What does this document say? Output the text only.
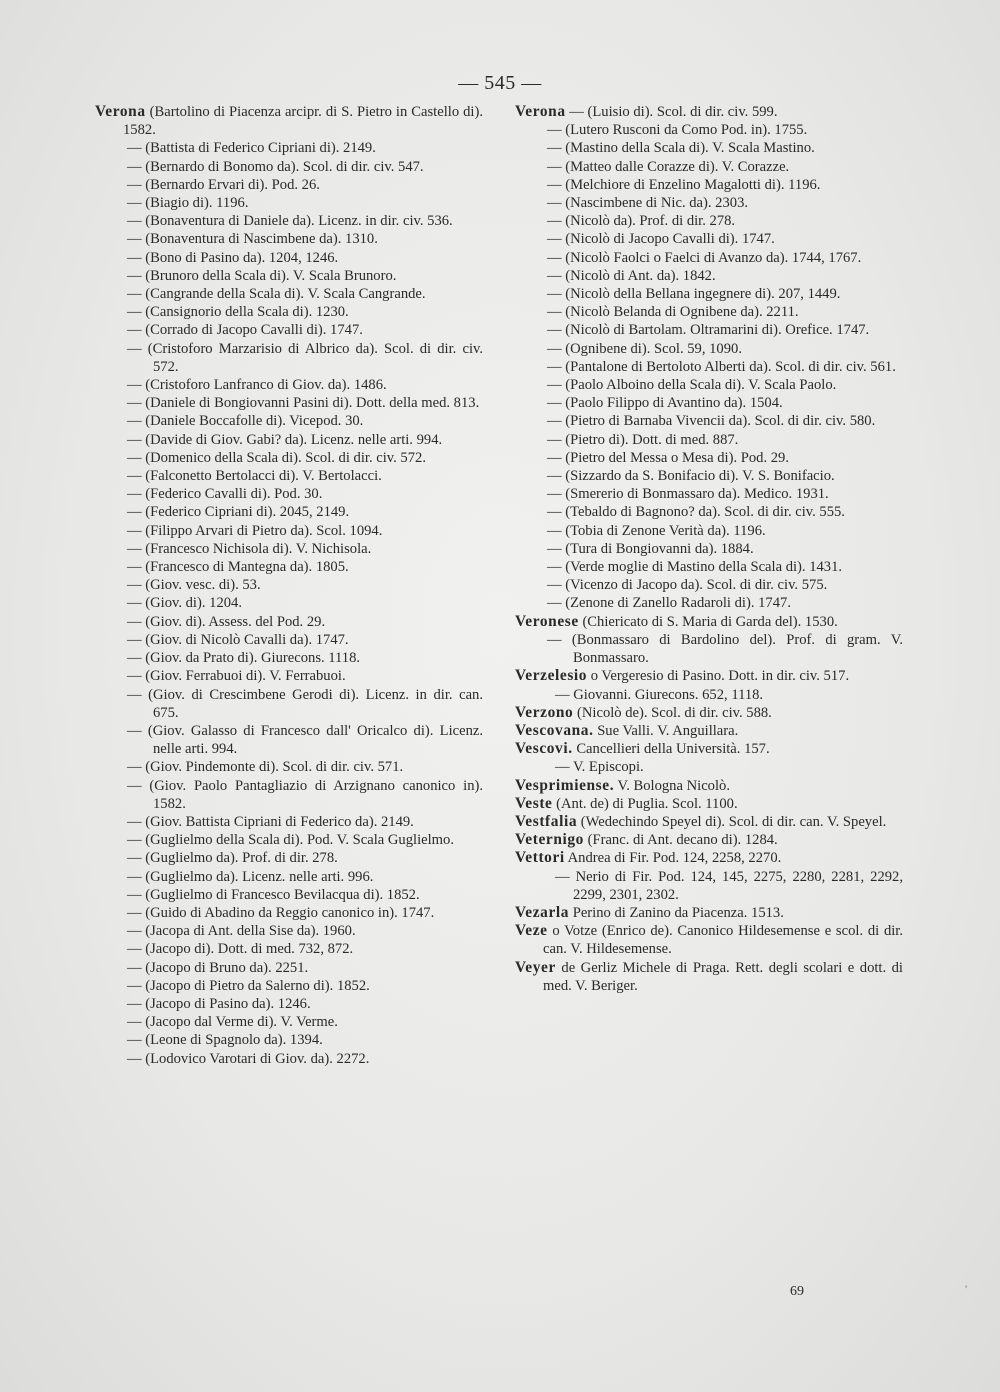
— 545 —

Verona (Bartolino di Piacenza arcipr. di S. Pietro in Castello di). 1582.

— (Battista di Federico Cipriani di). 2149.

— (Bernardo di Bonomo da). Scol. di dir. civ. 547.

— (Bernardo Ervari di). Pod. 26.

— (Biagio di). 1196.

— (Bonaventura di Daniele da). Licenz. in dir. civ. 536.

— (Bonaventura di Nascimbene da). 1310.

— (Bono di Pasino da). 1204, 1246.

— (Brunoro della Scala di). V. Scala Brunoro.

— (Cangrande della Scala di). V. Scala Cangrande.

— (Cansignorio della Scala di). 1230.

— (Corrado di Jacopo Cavalli di). 1747.

— (Cristoforo Marzarisio di Albrico da). Scol. di dir. civ. 572.

— (Cristoforo Lanfranco di Giov. da). 1486.

— (Daniele di Bongiovanni Pasini di). Dott. della med. 813.

— (Daniele Boccafolle di). Vicepod. 30.

— (Davide di Giov. Gabi? da). Licenz. nelle arti. 994.

— (Domenico della Scala di). Scol. di dir. civ. 572.

— (Falconetto Bertolacci di). V. Bertolacci.

— (Federico Cavalli di). Pod. 30.

— (Federico Cipriani di). 2045, 2149.

— (Filippo Arvari di Pietro da). Scol. 1094.

— (Francesco Nichisola di). V. Nichisola.

— (Francesco di Mantegna da). 1805.

— (Giov. vesc. di). 53.

— (Giov. di). 1204.

— (Giov. di). Assess. del Pod. 29.

— (Giov. di Nicolò Cavalli da). 1747.

— (Giov. da Prato di). Giurecons. 1118.

— (Giov. Ferrabuoi di). V. Ferrabuoi.

— (Giov. di Crescimbene Gerodi di). Licenz. in dir. can. 675.

— (Giov. Galasso di Francesco dall' Oricalco di). Licenz. nelle arti. 994.

— (Giov. Pindemonte di). Scol. di dir. civ. 571.

— (Giov. Paolo Pantagliazio di Arzignano canonico in). 1582.

— (Giov. Battista Cipriani di Federico da). 2149.

— (Guglielmo della Scala di). Pod. V. Scala Guglielmo.

— (Guglielmo da). Prof. di dir. 278.

— (Guglielmo da). Licenz. nelle arti. 996.

— (Guglielmo di Francesco Bevilacqua di). 1852.

— (Guido di Abadino da Reggio canonico in). 1747.

— (Jacopa di Ant. della Sise da). 1960.

— (Jacopo di). Dott. di med. 732, 872.

— (Jacopo di Bruno da). 2251.

— (Jacopo di Pietro da Salerno di). 1852.

— (Jacopo di Pasino da). 1246.

— (Jacopo dal Verme di). V. Verme.

— (Leone di Spagnolo da). 1394.

— (Lodovico Varotari di Giov. da). 2272.

Verona — (Luisio di). Scol. di dir. civ. 599.

— (Lutero Rusconi da Como Pod. in). 1755.

— (Mastino della Scala di). V. Scala Mastino.

— (Matteo dalle Corazze di). V. Corazze.

— (Melchiore di Enzelino Magalotti di). 1196.

— (Nascimbene di Nic. da). 2303.

— (Nicolò da). Prof. di dir. 278.

— (Nicolò di Jacopo Cavalli di). 1747.

— (Nicolò Faolci o Faelci di Avanzo da). 1744, 1767.

— (Nicolò di Ant. da). 1842.

— (Nicolò della Bellana ingegnere di). 207, 1449.

— (Nicolò Belanda di Ognibene da). 2211.

— (Nicolò di Bartolam. Oltramarini di). Orefice. 1747.

— (Ognibene di). Scol. 59, 1090.

— (Pantalone di Bertoloto Alberti da). Scol. di dir. civ. 561.

— (Paolo Alboino della Scala di). V. Scala Paolo.

— (Paolo Filippo di Avantino da). 1504.

— (Pietro di Barnaba Vivencii da). Scol. di dir. civ. 580.

— (Pietro di). Dott. di med. 887.

— (Pietro del Messa o Mesa di). Pod. 29.

— (Sizzardo da S. Bonifacio di). V. S. Bonifacio.

— (Smererio di Bonmassaro da). Medico. 1931.

— (Tebaldo di Bagnono? da). Scol. di dir. civ. 555.

— (Tobia di Zenone Verità da). 1196.

— (Tura di Bongiovanni da). 1884.

— (Verde moglie di Mastino della Scala di). 1431.

— (Vicenzo di Jacopo da). Scol. di dir. civ. 575.

— (Zenone di Zanello Radaroli di). 1747.

Veronese (Chiericato di S. Maria di Garda del). 1530.

— (Bonmassaro di Bardolino del). Prof. di gram. V. Bonmassaro.

Verzelesio o Vergeresio di Pasino. Dott. in dir. civ. 517.

— Giovanni. Giurecons. 652, 1118.

Verzono (Nicolò de). Scol. di dir. civ. 588.

Vescovana. Sue Valli. V. Anguillara.

Vescovi. Cancellieri della Università. 157.

— V. Episcopi.

Vesprimiense. V. Bologna Nicolò.

Veste (Ant. de) di Puglia. Scol. 1100.

Vestfalia (Wedechindo Speyel di). Scol. di dir. can. V. Speyel.

Veternigo (Franc. di Ant. decano di). 1284.

Vettori Andrea di Fir. Pod. 124, 2258, 2270.

— Nerio di Fir. Pod. 124, 145, 2275, 2280, 2281, 2292, 2299, 2301, 2302.

Vezarla Perino di Zanino da Piacenza. 1513.

Veze o Votze (Enrico de). Canonico Hildesemense e scol. di dir. can. V. Hildesemense.

Veyer de Gerliz Michele di Praga. Rett. degli scolari e dott. di med. V. Beriger.

69	'
